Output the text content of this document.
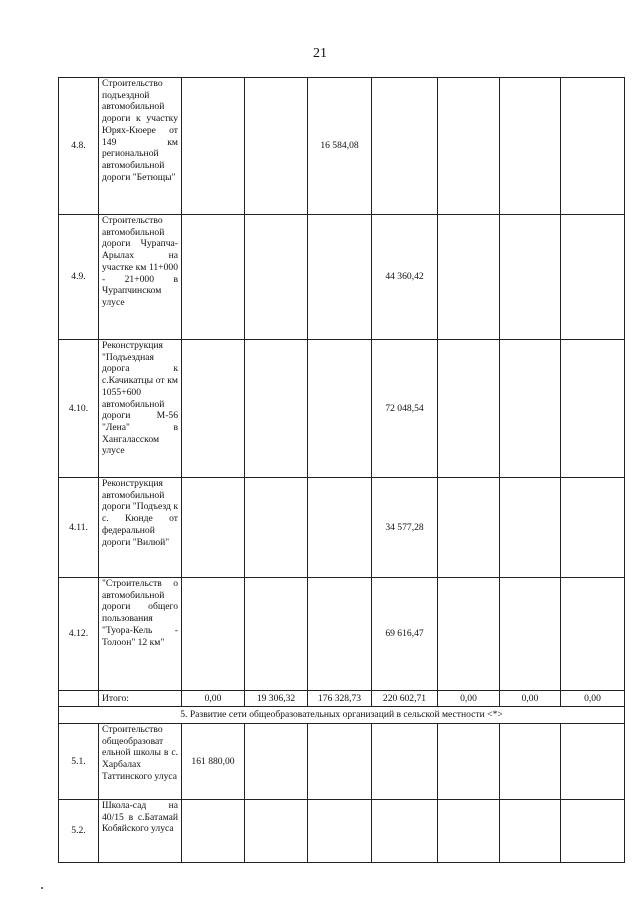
21
4.8.	Строительство подъездной автомобильной дороги к участку Юрях-Кюере от 149 км региональной автомобильной дороги "Бетющы"			16 584,08				
4.9.	Строительство автомобильной дороги Чурапча-Арылах на участке км 11+000 - 21+000 в Чурапчинском улусе				44 360,42			
4.10.	Реконструкция "Подъездная дорога к с.Качикатцы от км 1055+600 автомобильной дороги М-56 "Лена" в Хангаласском улусе				72 048,54			
4.11.	Реконструкция автомобильной дороги "Подъезд к с. Кюнде от федеральной дороги "Вилюй"				34 577,28			
4.12.	"Строительств о автомобильной дороги общего пользования "Туора-Кель - Толоон" 12 км"				69 616,47			
	Итого:	0,00	19 306,32	176 328,73	220 602,71	0,00	0,00	0,00
5. Развитие сети общеобразовательных организаций в сельской местности <*>								
5.1.	Строительство общеобразоват ельной школы в с. Харбалах Таттинского улуса	161 880,00						
5.2.	Школа-сад на 40/15 в с.Батамай Кобяйского улуса							
